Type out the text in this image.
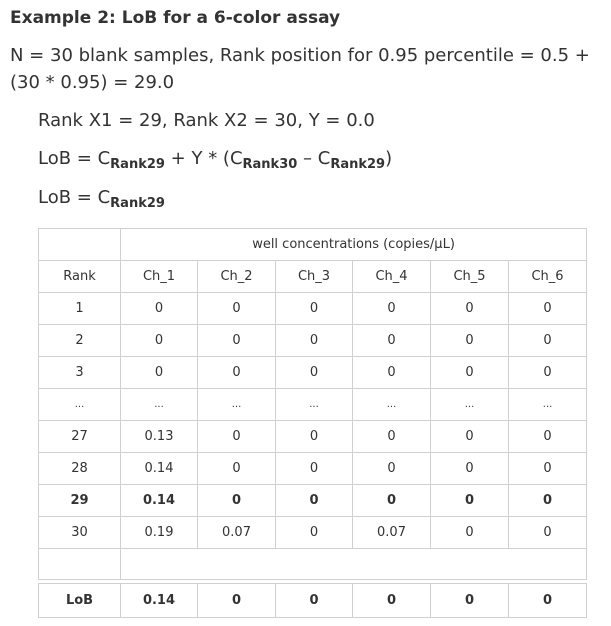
Example 2: LoB for a 6-color assay
N = 30 blank samples, Rank position for 0.95 percentile = 0.5 + (30 * 0.95) = 29.0
Rank X1 = 29, Rank X2 = 30, Y = 0.0
LoB = $C_{Rank29} + Y * (C_{Rank30} - C_{Rank29})$
LoB = $C_{Rank29}$
	well concentrations (copies/µL)					
Rank	Ch_1	Ch_2	Ch_3	Ch_4	Ch_5	Ch_6
1	0	0	0	0	0	0
2	0	0	0	0	0	0
3	0	0	0	0	0	0
...	...	...	...	...	...	...
27	0.13	0	0	0	0	0
28	0.14	0	0	0	0	0
29	0.14	0	0	0	0	0
30	0.19	0.07	0	0.07	0	0

LoB	0.14	0	0	0	0	0
